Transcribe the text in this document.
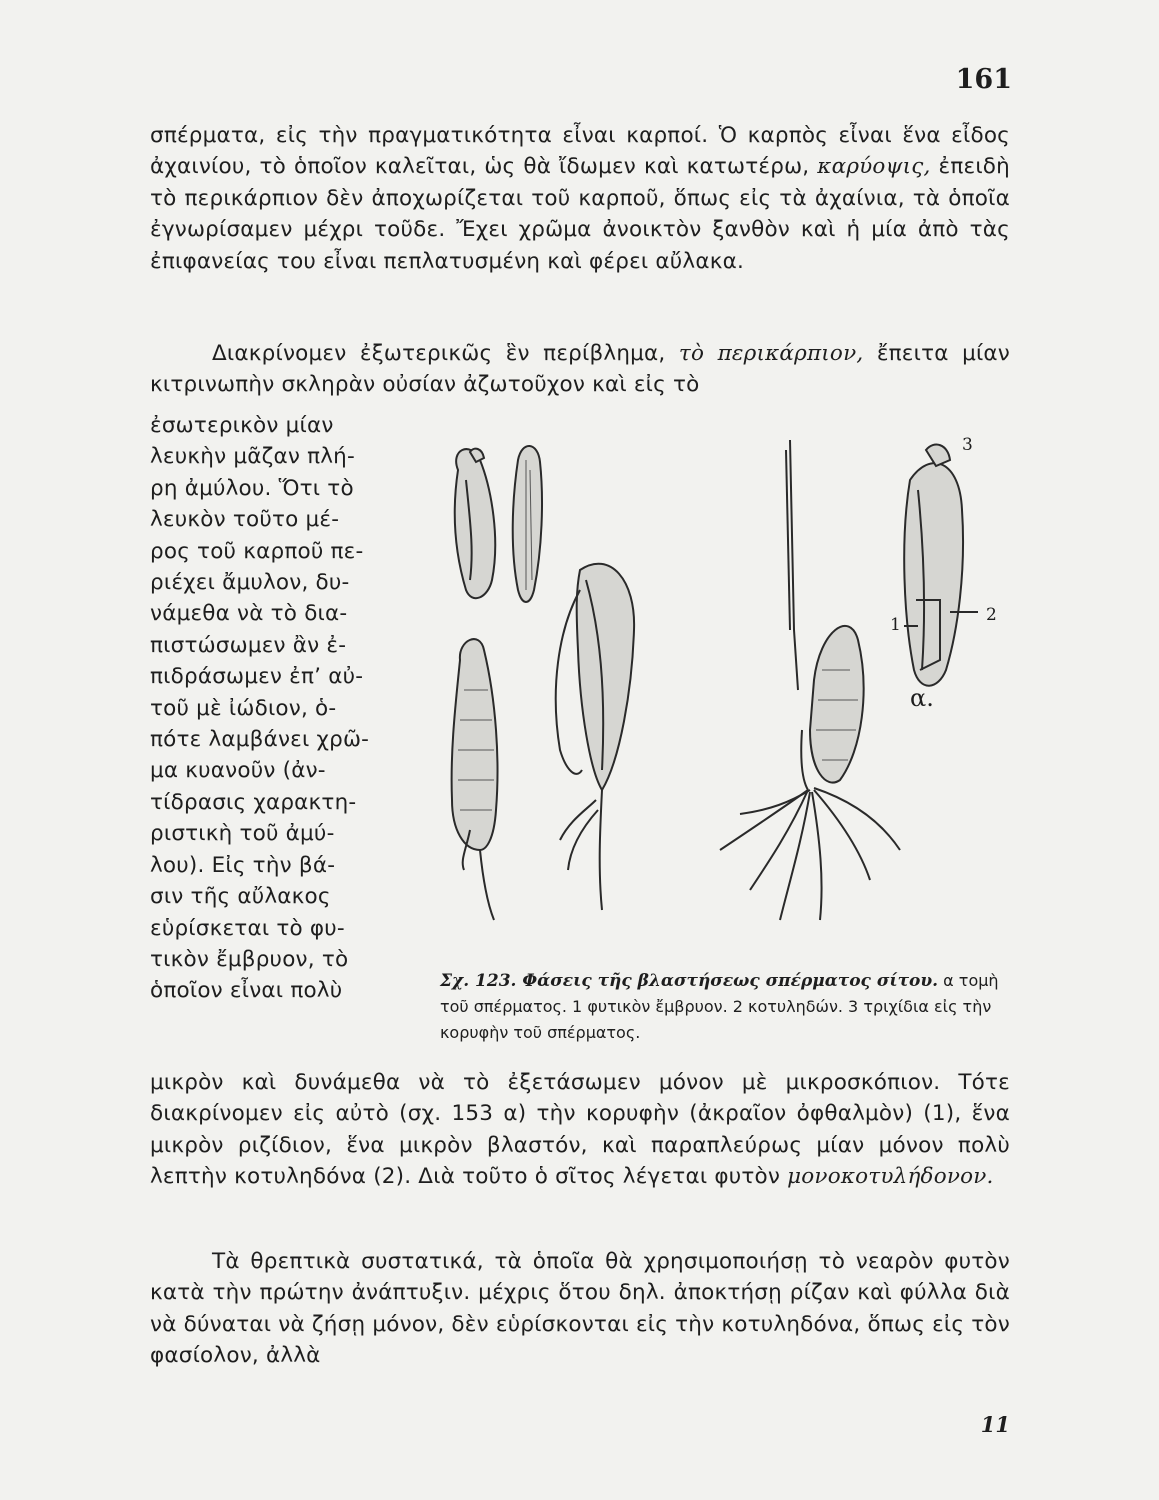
161
σπέρματα, εἰς τὴν πραγματικότητα εἶναι καρποί. Ὁ καρπὸς εἶναι ἕνα εἶδος ἀχαινίου, τὸ ὁποῖον καλεῖται, ὡς θὰ ἴδωμεν καὶ κατωτέρω, καρύοψις, ἐπειδὴ τὸ περικάρπιον δὲν ἀποχωρίζεται τοῦ καρποῦ, ὅπως εἰς τὰ ἀχαίνια, τὰ ὁποῖα ἐγνωρίσαμεν μέχρι τοῦδε. Ἔχει χρῶμα ἀνοικτὸν ξανθὸν καὶ ἡ μία ἀπὸ τὰς ἐπιφανείας του εἶναι πεπλατυσμένη καὶ φέρει αὔλακα.
Διακρίνομεν ἐξωτερικῶς ἓν περίβλημα, τὸ περικάρπιον, ἔπειτα μίαν κιτρινωπὴν σκληρὰν οὐσίαν ἀζωτοῦχον καὶ εἰς τὸ
ἐσωτερικὸν μίαν
λευκὴν μᾶζαν πλή-
ρη ἀμύλου. Ὅτι τὸ
λευκὸν τοῦτο μέ-
ρος τοῦ καρποῦ πε-
ριέχει ἄμυλον, δυ-
νάμεθα νὰ τὸ δια-
πιστώσωμεν ἂν ἐ-
πιδράσωμεν ἐπ’ αὐ-
τοῦ μὲ ἰώδιον, ὁ-
πότε λαμβάνει χρῶ-
μα κυανοῦν (ἀν-
τίδρασις χαρακτη-
ριστικὴ τοῦ ἀμύ-
λου). Εἰς τὴν βά-
σιν τῆς αὔλακος
εὑρίσκεται τὸ φυ-
τικὸν ἔμβρυον, τὸ
ὁποῖον εἶναι πολὺ
3
1	2
α.
Σχ. 123. Φάσεις τῆς βλαστήσεως σπέρματος σίτου. α τομὴ τοῦ σπέρματος. 1 φυτικὸν ἔμβρυον. 2 κοτυληδών. 3 τριχίδια εἰς τὴν κορυφὴν τοῦ σπέρματος.
μικρὸν καὶ δυνάμεθα νὰ τὸ ἐξετάσωμεν μόνον μὲ μικροσκόπιον. Τότε διακρίνομεν εἰς αὐτὸ (σχ. 153 α) τὴν κορυφὴν (ἀκραῖον ὀφθαλμὸν) (1), ἕνα μικρὸν ριζίδιον, ἕνα μικρὸν βλαστόν, καὶ παραπλεύρως μίαν μόνον πολὺ λεπτὴν κοτυληδόνα (2). Διὰ τοῦτο ὁ σῖτος λέγεται φυτὸν μονοκοτυλήδονον.
Τὰ θρεπτικὰ συστατικά, τὰ ὁποῖα θὰ χρησιμοποιήσῃ τὸ νεαρὸν φυτὸν κατὰ τὴν πρώτην ἀνάπτυξιν. μέχρις ὅτου δηλ. ἀποκτήσῃ ρίζαν καὶ φύλλα διὰ νὰ δύναται νὰ ζήσῃ μόνον, δὲν εὑρίσκονται εἰς τὴν κοτυληδόνα, ὅπως εἰς τὸν φασίολον, ἀλλὰ
11
